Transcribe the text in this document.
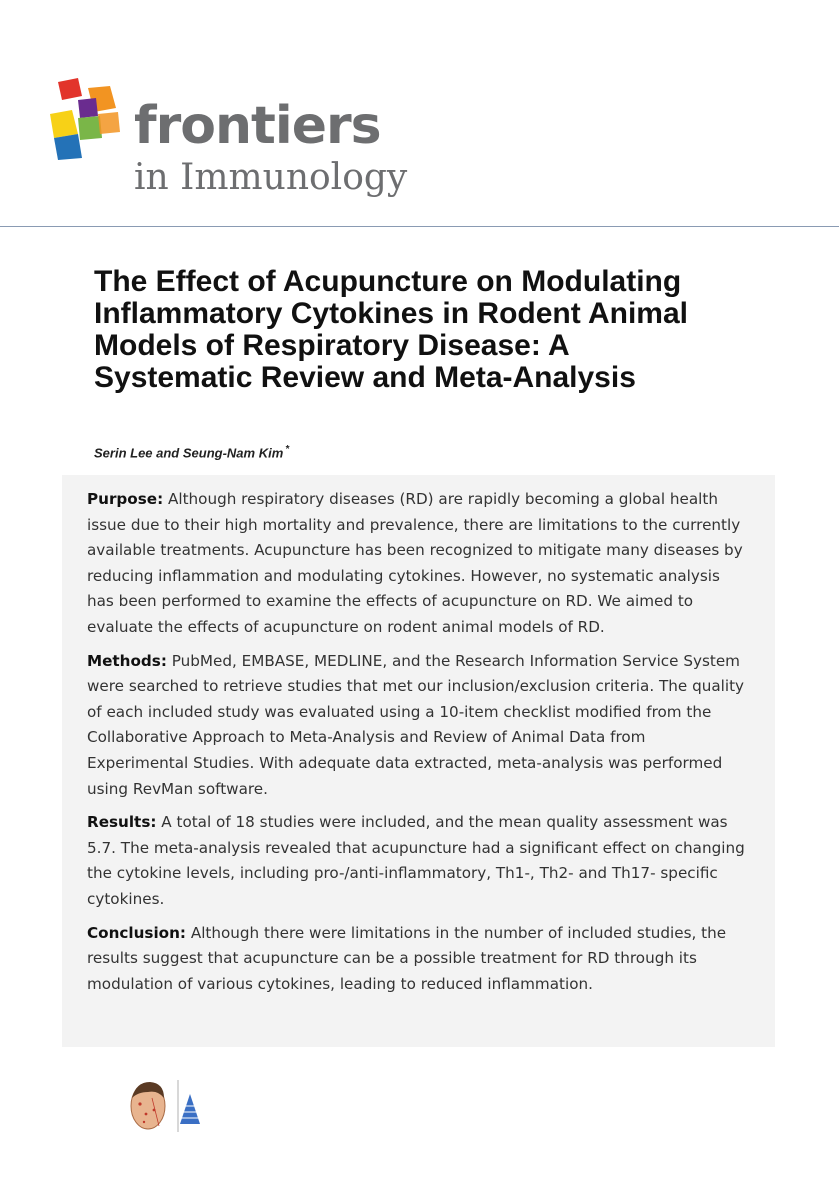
frontiers
in Immunology
The Effect of Acupuncture on Modulating Inflammatory Cytokines in Rodent Animal Models of Respiratory Disease: A Systematic Review and Meta-Analysis
Serin Lee and Seung-Nam Kim *

Purpose: Although respiratory diseases (RD) are rapidly becoming a global health issue due to their high mortality and prevalence, there are limitations to the currently available treatments. Acupuncture has been recognized to mitigate many diseases by reducing inflammation and modulating cytokines. However, no systematic analysis has been performed to examine the effects of acupuncture on RD. We aimed to evaluate the effects of acupuncture on rodent animal models of RD.

Methods: PubMed, EMBASE, MEDLINE, and the Research Information Service System were searched to retrieve studies that met our inclusion/exclusion criteria. The quality of each included study was evaluated using a 10-item checklist modified from the Collaborative Approach to Meta-Analysis and Review of Animal Data from Experimental Studies. With adequate data extracted, meta-analysis was performed using RevMan software.

Results: A total of 18 studies were included, and the mean quality assessment was 5.7. The meta-analysis revealed that acupuncture had a significant effect on changing the cytokine levels, including pro-/anti-inflammatory, Th1-, Th2- and Th17- specific cytokines.

Conclusion: Although there were limitations in the number of included studies, the results suggest that acupuncture can be a possible treatment for RD through its modulation of various cytokines, leading to reduced inflammation.
